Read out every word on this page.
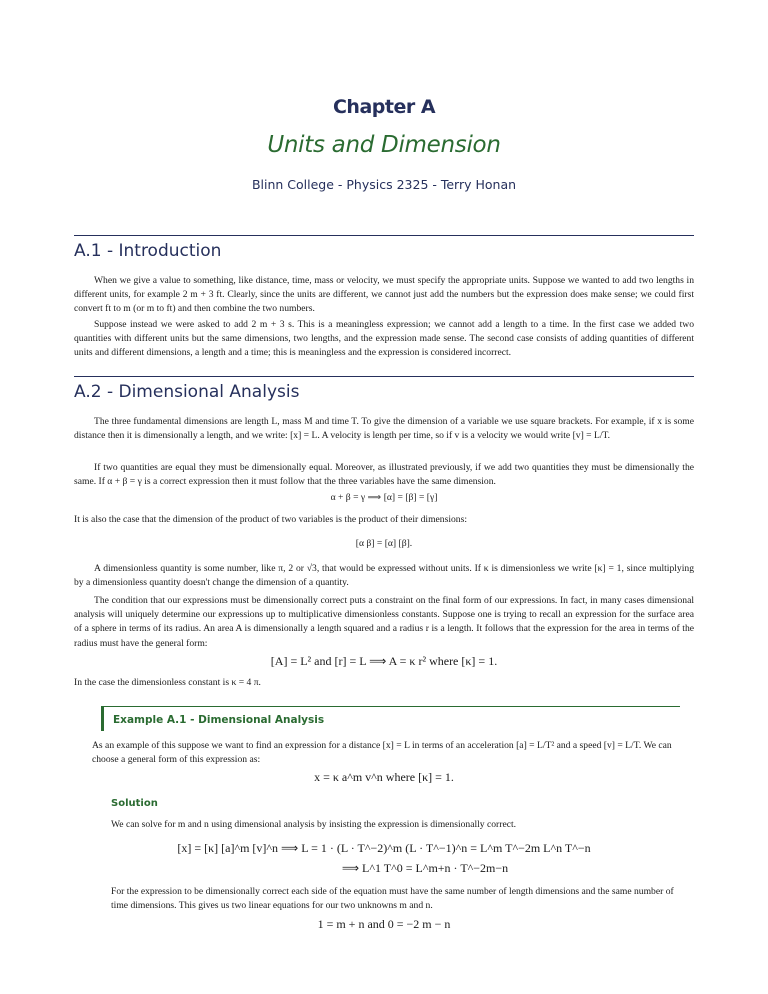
Chapter A
Units and Dimension
Blinn College - Physics 2325 - Terry Honan
A.1 - Introduction

When we give a value to something, like distance, time, mass or velocity, we must specify the appropriate units. Suppose we wanted to add two lengths in different units, for example 2 m + 3 ft. Clearly, since the units are different, we cannot just add the numbers but the expression does make sense; we could first convert ft to m (or m to ft) and then combine the two numbers.

Suppose instead we were asked to add 2 m + 3 s. This is a meaningless expression; we cannot add a length to a time. In the first case we added two quantities with different units but the same dimensions, two lengths, and the expression made sense. The second case consists of adding quantities of different units and different dimensions, a length and a time; this is meaningless and the expression is considered incorrect.

A.2 - Dimensional Analysis

The three fundamental dimensions are length L, mass M and time T. To give the dimension of a variable we use square brackets. For example, if x is some distance then it is dimensionally a length, and we write: [x] = L. A velocity is length per time, so if v is a velocity we would write [v] = L/T.

If two quantities are equal they must be dimensionally equal. Moreover, as illustrated previously, if we add two quantities they must be dimensionally the same. If α + β = γ is a correct expression then it must follow that the three variables have the same dimension.

α + β = γ ⟹ [α] = [β] = [γ]

It is also the case that the dimension of the product of two variables is the product of their dimensions:

[α β] = [α] [β].

A dimensionless quantity is some number, like π, 2 or √3, that would be expressed without units. If κ is dimensionless we write [κ] = 1, since multiplying by a dimensionless quantity doesn't change the dimension of a quantity.

The condition that our expressions must be dimensionally correct puts a constraint on the final form of our expressions. In fact, in many cases dimensional analysis will uniquely determine our expressions up to multiplicative dimensionless constants. Suppose one is trying to recall an expression for the surface area of a sphere in terms of its radius. An area A is dimensionally a length squared and a radius r is a length. It follows that the expression for the area in terms of the radius must have the general form:

[A] = L² and [r] = L ⟹ A = κ r² where [κ] = 1.

In the case the dimensionless constant is κ = 4 π.

Example A.1 - Dimensional Analysis

As an example of this suppose we want to find an expression for a distance [x] = L in terms of an acceleration [a] = L/T² and a speed [v] = L/T. We can choose a general form of this expression as:

x = κ a^m v^n where [κ] = 1.

Solution

We can solve for m and n using dimensional analysis by insisting the expression is dimensionally correct.

[x] = [κ] [a]^m [v]^n ⟹ L = 1 · (L · T^−2)^m (L · T^−1)^n = L^m T^−2m L^n T^−n

⟹ L^1 T^0 = L^m+n · T^−2m−n

For the expression to be dimensionally correct each side of the equation must have the same number of length dimensions and the same number of time dimensions. This gives us two linear equations for our two unknowns m and n.

1 = m + n and 0 = −2 m − n
